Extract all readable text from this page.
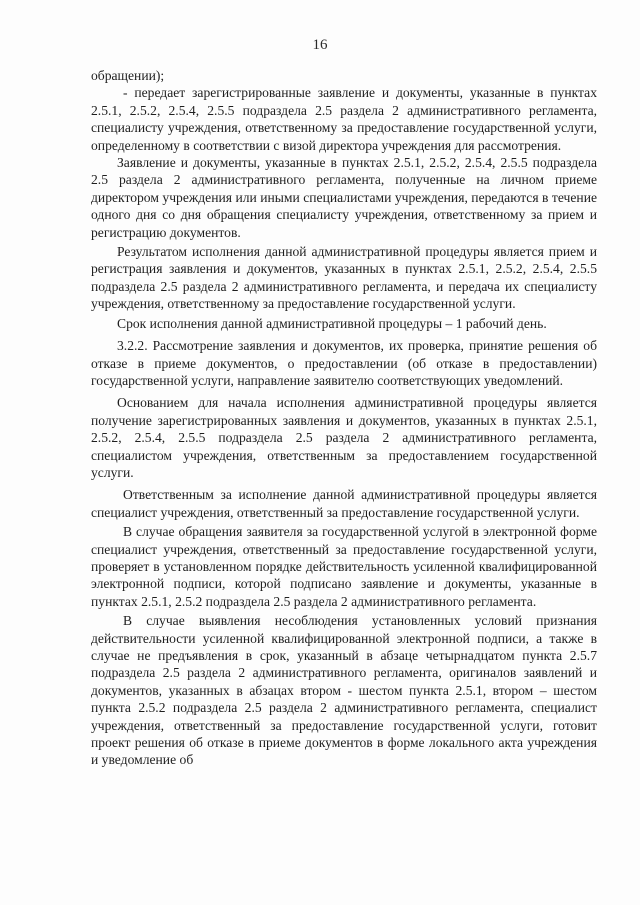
16

обращении);

- передает зарегистрированные заявление и документы, указанные в пунктах 2.5.1, 2.5.2, 2.5.4, 2.5.5 подраздела 2.5 раздела 2 административного регламента, специалисту учреждения, ответственному за предоставление государственной услуги, определенному в соответствии с визой директора учреждения для рассмотрения.

Заявление и документы, указанные в пунктах 2.5.1, 2.5.2, 2.5.4, 2.5.5 подраздела 2.5 раздела 2 административного регламента, полученные на личном приеме директором учреждения или иными специалистами учреждения, передаются в течение одного дня со дня обращения специалисту учреждения, ответственному за прием и регистрацию документов.

Результатом исполнения данной административной процедуры является прием и регистрация заявления и документов, указанных в пунктах 2.5.1, 2.5.2, 2.5.4, 2.5.5 подраздела 2.5 раздела 2 административного регламента, и передача их специалисту учреждения, ответственному за предоставление государственной услуги.

Срок исполнения данной административной процедуры – 1 рабочий день.

3.2.2. Рассмотрение заявления и документов, их проверка, принятие решения об отказе в приеме документов, о предоставлении (об отказе в предоставлении) государственной услуги, направление заявителю соответствующих уведомлений.

Основанием для начала исполнения административной процедуры является получение зарегистрированных заявления и документов, указанных в пунктах 2.5.1, 2.5.2, 2.5.4, 2.5.5 подраздела 2.5 раздела 2 административного регламента, специалистом учреждения, ответственным за предоставлением государственной услуги.

Ответственным за исполнение данной административной процедуры является специалист учреждения, ответственный за предоставление государственной услуги.

В случае обращения заявителя за государственной услугой в электронной форме специалист учреждения, ответственный за предоставление государственной услуги, проверяет в установленном порядке действительность усиленной квалифицированной электронной подписи, которой подписано заявление и документы, указанные в пунктах 2.5.1, 2.5.2 подраздела 2.5 раздела 2 административного регламента.

В случае выявления несоблюдения установленных условий признания действительности усиленной квалифицированной электронной подписи, а также в случае не предъявления в срок, указанный в абзаце четырнадцатом пункта 2.5.7 подраздела 2.5 раздела 2 административного регламента, оригиналов заявлений и документов, указанных в абзацах втором - шестом пункта 2.5.1, втором – шестом пункта 2.5.2 подраздела 2.5 раздела 2 административного регламента, специалист учреждения, ответственный за предоставление государственной услуги, готовит проект решения об отказе в приеме документов в форме локального акта учреждения и уведомление об
